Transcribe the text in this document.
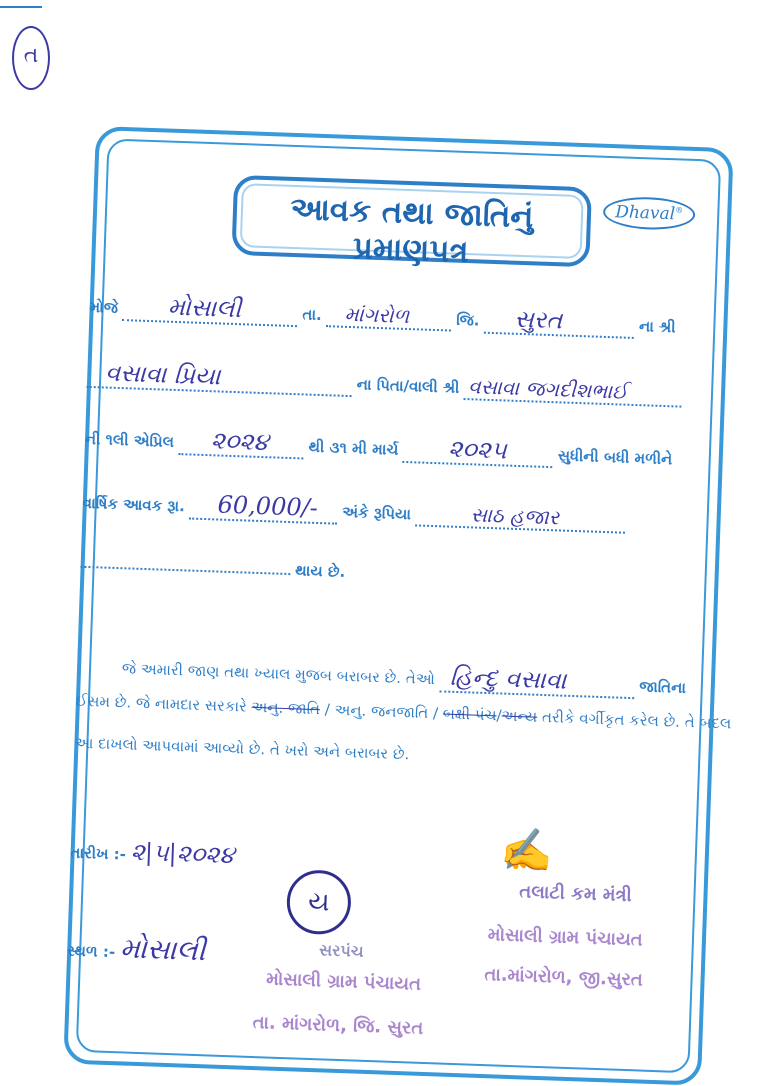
ત
આવક તથા જાતિનું પ્રમાણપત્ર
Dhaval®
મોજે મોસાલી	તા. માંગરોળ	જિ. સુરત	ના શ્રી
વસાવા પ્રિયા	ના પિતા/વાલી શ્રી વસાવા જગદીશભાઈ
ની ૧લી એપ્રિલ ૨૦૨૪	થી ૩૧ મી માર્ચ ૨૦૨૫	સુધીની બધી મળીને
વાર્ષિક આવક રૂા. 60,000/- અંકે રૂપિયા	સાઠ હજાર
થાય છે.
જે અમારી જાણ તથા ખ્યાલ મુજબ બરાબર છે. તેઓ હિન્દુ વસાવા	જાતિના
ઈસમ છે. જે નામદાર સરકારે અનુ. જાતિ / અનુ. જનજાતિ / બક્ષી પંચ/અન્ય તરીકે વર્ગીકૃત કરેલ છે. તે બદલ
આ દાખલો આપવામાં આવ્યો છે. તે ખરો અને બરાબર છે.
તારીખ :- ૨|૫|૨૦૨૪
સ્થળ :- મોસાલી
ય
સરપંચ
મોસાલી ગ્રામ પંચાયત
તા. માંગરોળ, જિ. સુરત
✍
તલાટી કમ મંત્રી
મોસાલી ગ્રામ પંચાયત
તા.માંગરોળ, જી.સુરત
